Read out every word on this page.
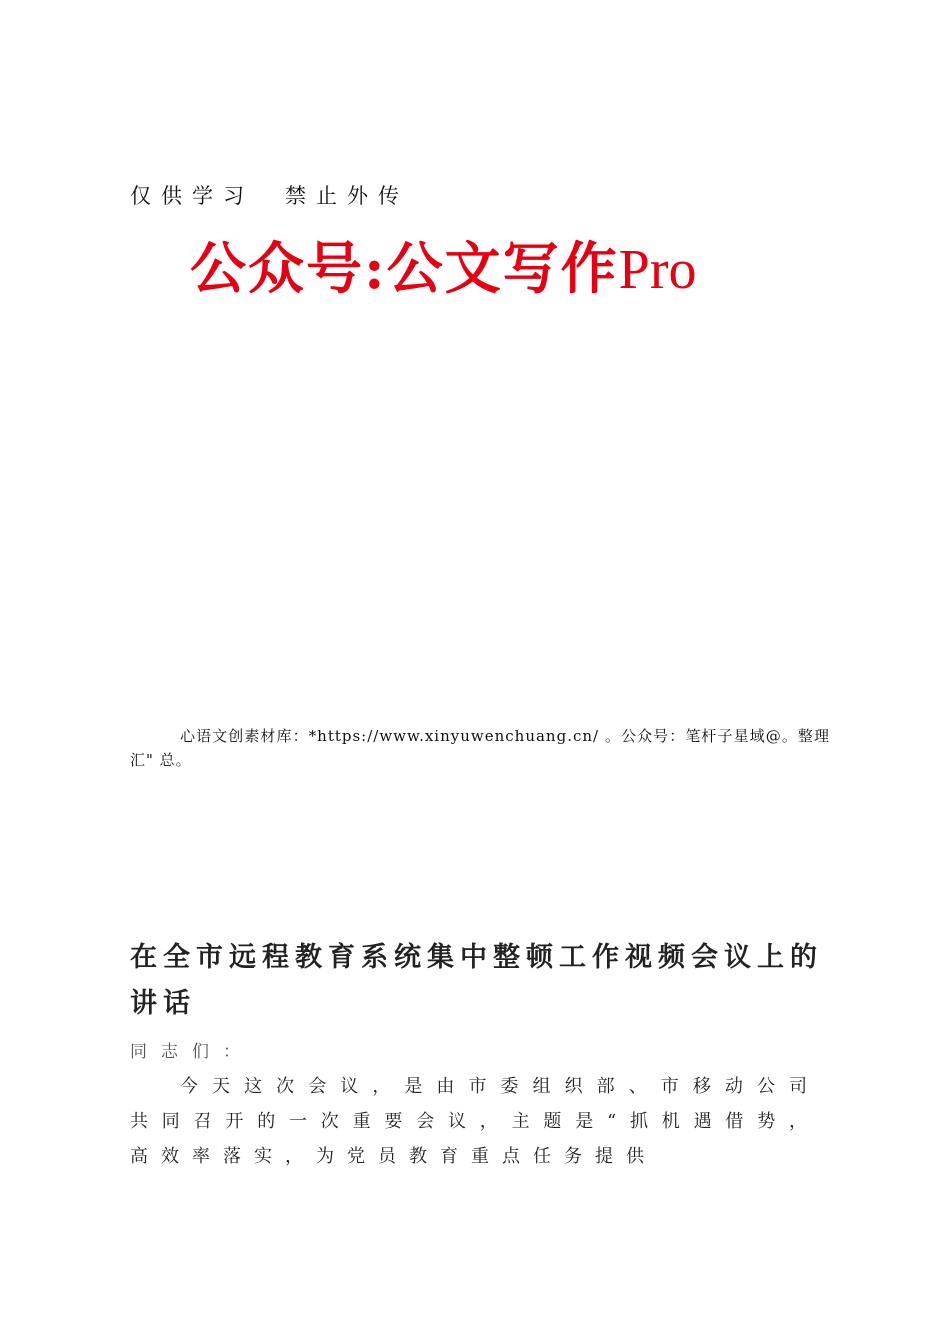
仅供学习　禁止外传
公众号:公文写作Pro
心语文创素材库：*https://www.xinyuwenchuang.cn/ 。公众号：笔杆子星域@。整理汇" 总。
在全市远程教育系统集中整顿工作视频会议上的讲话
同志们：
今天这次会议，是由市委组织部、市移动公司共同召开的一次重要会议，主题是“抓机遇借势，高效率落实，为党员教育重点任务提供
